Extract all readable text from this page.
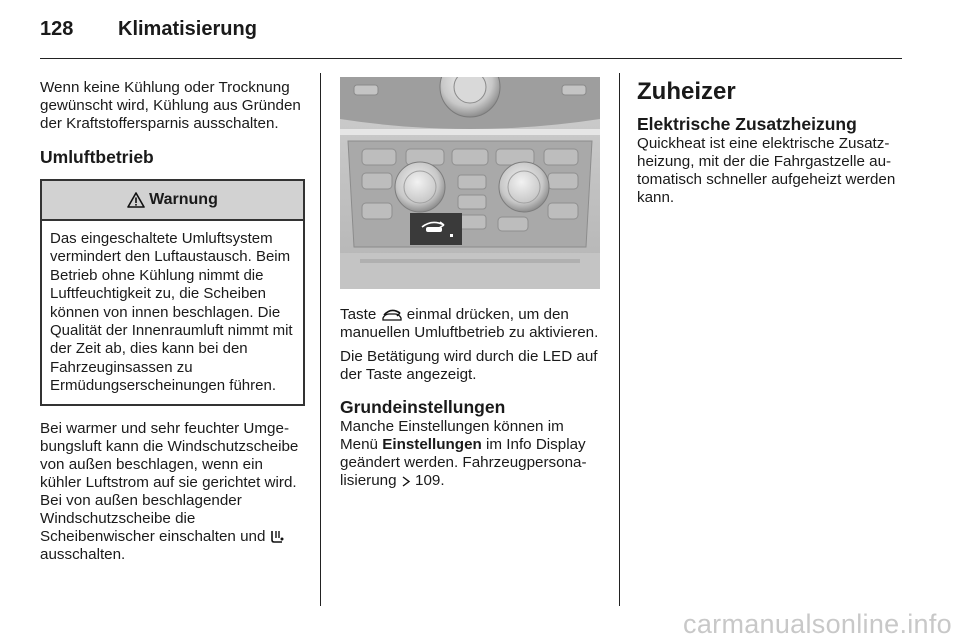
128 Klimatisierung

Wenn keine Kühlung oder Trocknung gewünscht wird, Kühlung aus Gründen der Kraftstoffersparnis ausschalten.

Umluftbetrieb

Warnung
Das eingeschaltete Umluftsystem vermindert den Luftaustausch. Beim Betrieb ohne Kühlung nimmt die Luftfeuchtigkeit zu, die Scheiben können von innen beschlagen. Die Qualität der Innenraumluft nimmt mit der Zeit ab, dies kann bei den Fahrzeuginsassen zu Ermüdungserscheinungen führen.

Bei warmer und sehr feuchter Umgebungsluft kann die Windschutzscheibe von außen beschlagen, wenn ein kühler Luftstrom auf sie gerichtet wird. Bei von außen beschlagender Windschutzscheibe die Scheibenwischer einschalten und  ausschalten.

Taste einmal drücken, um den manuellen Umluftbetrieb zu aktivieren.

Die Betätigung wird durch die LED auf der Taste angezeigt.

Grundeinstellungen

Manche Einstellungen können im Menü Einstellungen im Info Display geändert werden. Fahrzeugpersonalisierung 109.

Zuheizer

Elektrische Zusatzheizung

Quickheat ist eine elektrische Zusatzheizung, mit der die Fahrgastzelle automatisch schneller aufgeheizt werden kann.

carmanualsonline.info
